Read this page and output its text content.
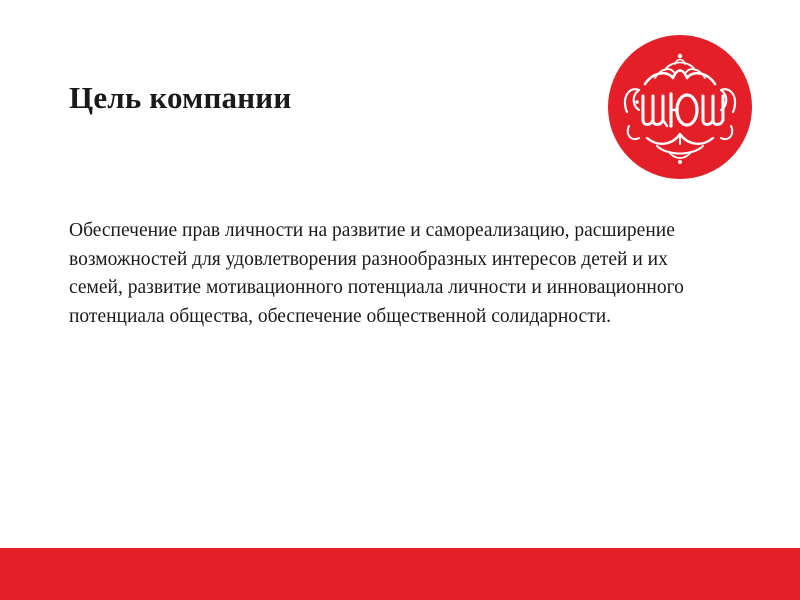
Цель компании

Обеспечение прав личности на развитие и самореализацию, расширение возможностей для удовлетворения разнообразных интересов детей и их семей, развитие мотивационного потенциала личности и инновационного потенциала общества, обеспечение общественной солидарности.
